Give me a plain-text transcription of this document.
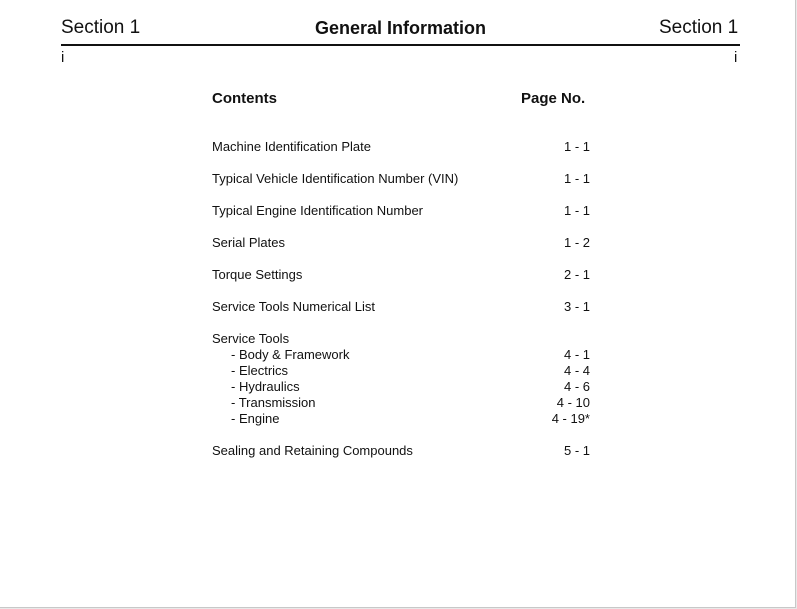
Section 1	General Information	Section 1
i	i
Contents	Page No.
Machine Identification Plate	1 - 1
Typical Vehicle Identification Number (VIN)	1 - 1
Typical Engine Identification Number	1 - 1
Serial Plates	1 - 2
Torque Settings	2 - 1
Service Tools Numerical List	3 - 1
Service Tools
- Body & Framework	4 - 1
- Electrics	4 - 4
- Hydraulics	4 - 6
- Transmission	4 - 10
- Engine	4 - 19*
Sealing and Retaining Compounds	5 - 1
